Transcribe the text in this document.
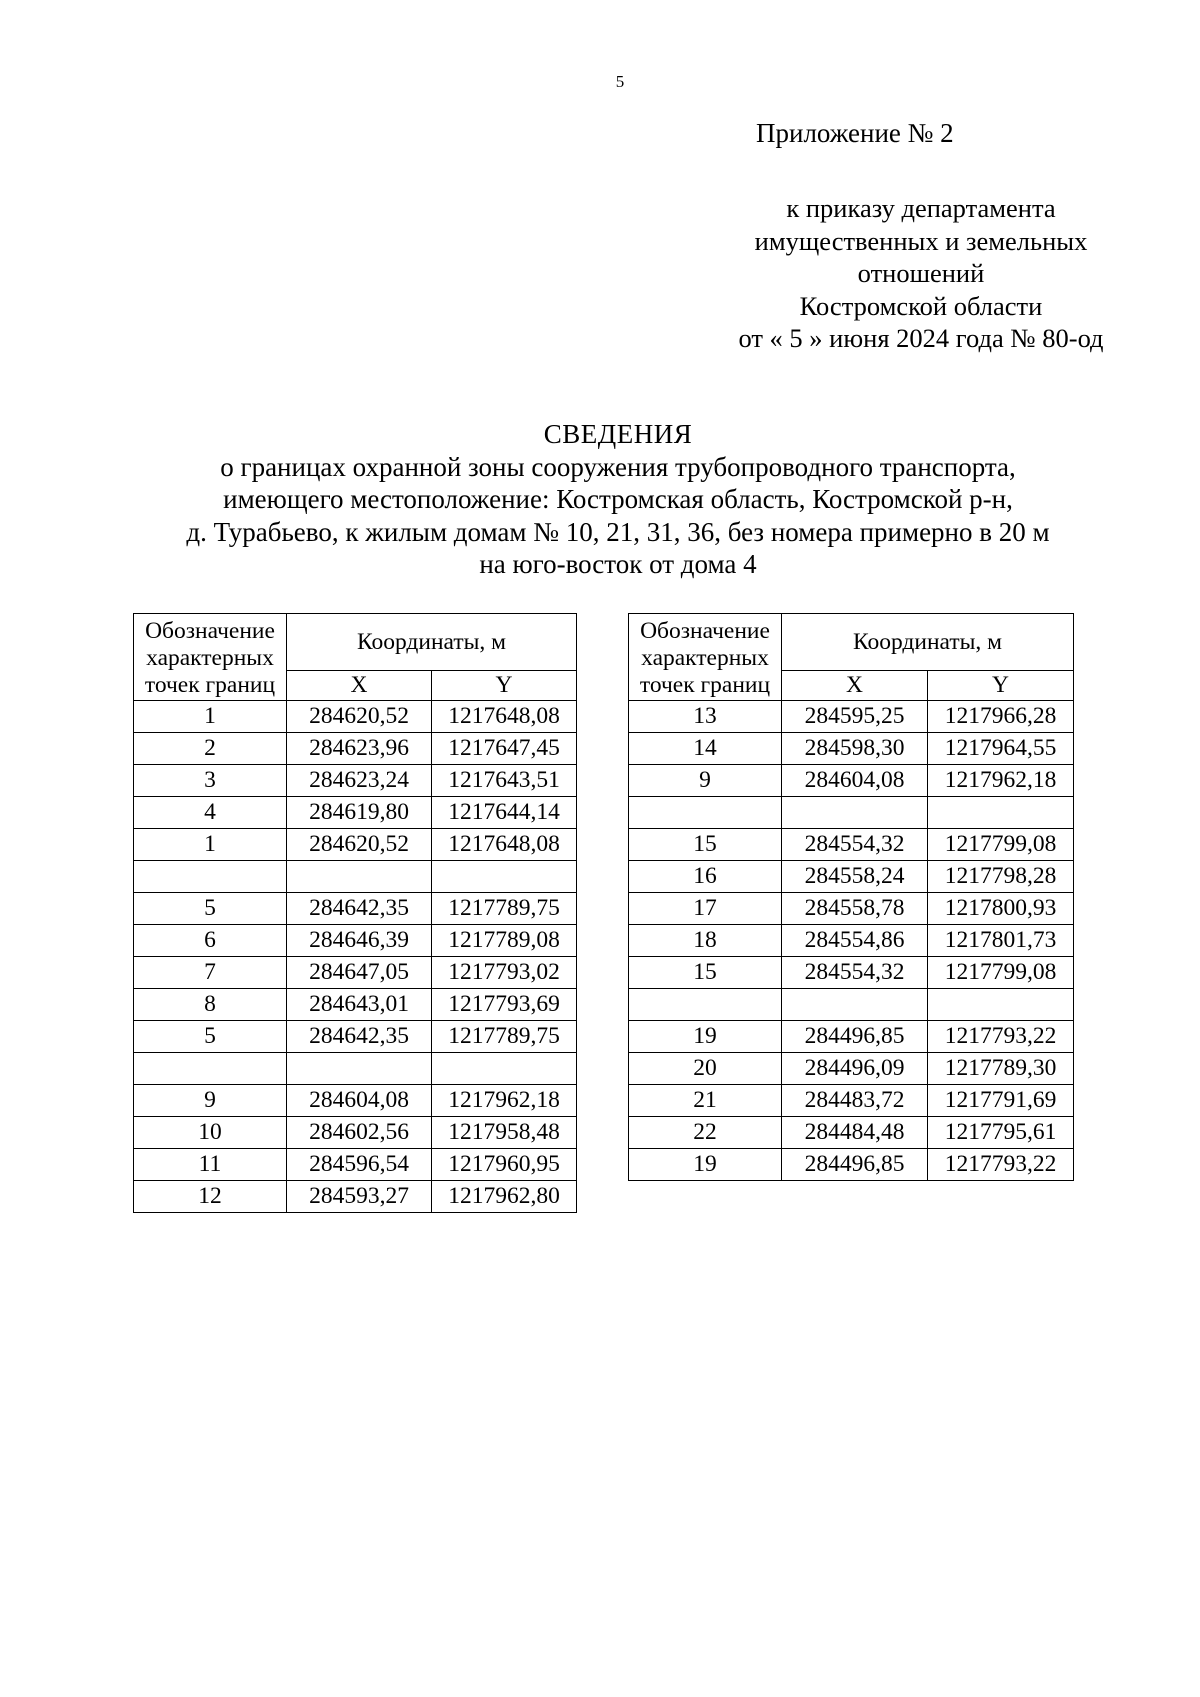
5
Приложение № 2
к приказу департамента
имущественных и земельных
отношений
Костромской области
от « 5 » июня 2024 года № 80-од
СВЕДЕНИЯ
о границах охранной зоны сооружения трубопроводного транспорта,
имеющего местоположение: Костромская область, Костромской р-н,
д. Турабьево, к жилым домам № 10, 21, 31, 36, без номера примерно в 20 м
на юго-восток от дома 4
Обозначение
характерных
точек границ	Координаты, м	
	X	Y
1	284620,52	1217648,08
2	284623,96	1217647,45
3	284623,24	1217643,51
4	284619,80	1217644,14
1	284620,52	1217648,08

5	284642,35	1217789,75
6	284646,39	1217789,08
7	284647,05	1217793,02
8	284643,01	1217793,69
5	284642,35	1217789,75

9	284604,08	1217962,18
10	284602,56	1217958,48
11	284596,54	1217960,95
12	284593,27	1217962,80
Обозначение
характерных
точек границ	Координаты, м	
	X	Y
13	284595,25	1217966,28
14	284598,30	1217964,55
9	284604,08	1217962,18

15	284554,32	1217799,08
16	284558,24	1217798,28
17	284558,78	1217800,93
18	284554,86	1217801,73
15	284554,32	1217799,08

19	284496,85	1217793,22
20	284496,09	1217789,30
21	284483,72	1217791,69
22	284484,48	1217795,61
19	284496,85	1217793,22
